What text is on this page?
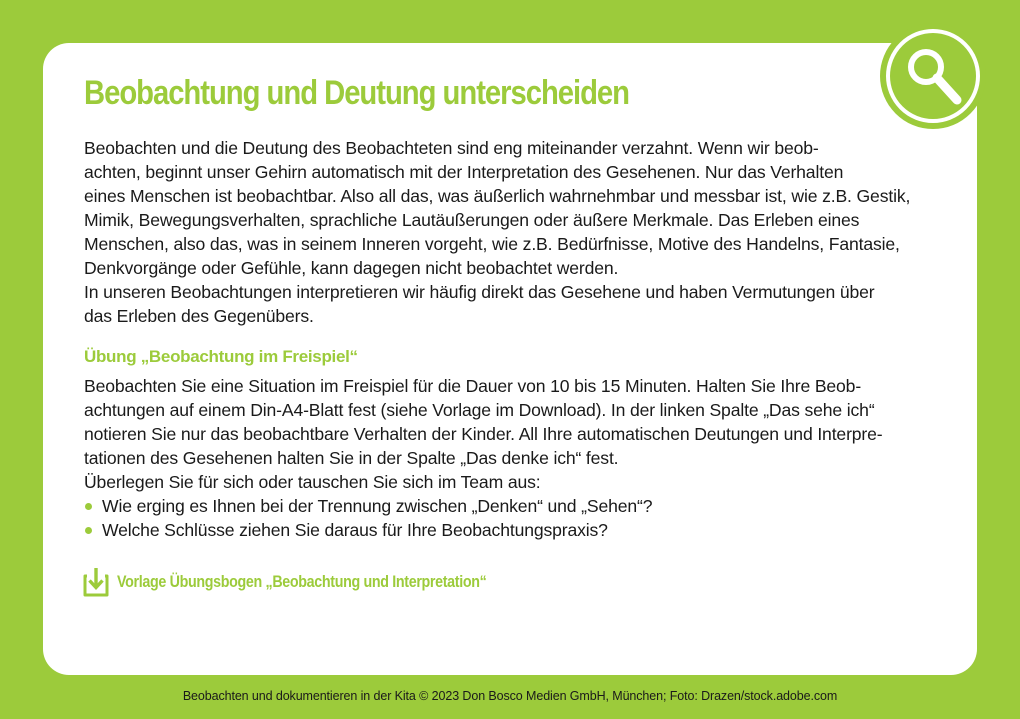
Beobachtung und Deutung unterscheiden

Beobachten und die Deutung des Beobachteten sind eng miteinander verzahnt. Wenn wir beob-
achten, beginnt unser Gehirn automatisch mit der Interpretation des Gesehenen. Nur das Verhalten
eines Menschen ist beobachtbar. Also all das, was äußerlich wahrnehmbar und messbar ist, wie z.B. Gestik,
Mimik, Bewegungsverhalten, sprachliche Lautäußerungen oder äußere Merkmale. Das Erleben eines
Menschen, also das, was in seinem Inneren vorgeht, wie z.B. Bedürfnisse, Motive des Handelns, Fantasie,
Denkvorgänge oder Gefühle, kann dagegen nicht beobachtet werden.
In unseren Beobachtungen interpretieren wir häufig direkt das Gesehene und haben Vermutungen über
das Erleben des Gegenübers.

Übung „Beobachtung im Freispiel“

Beobachten Sie eine Situation im Freispiel für die Dauer von 10 bis 15 Minuten. Halten Sie Ihre Beob-
achtungen auf einem Din-A4-Blatt fest (siehe Vorlage im Download). In der linken Spalte „Das sehe ich“
notieren Sie nur das beobachtbare Verhalten der Kinder. All Ihre automatischen Deutungen und Interpre-
tationen des Gesehenen halten Sie in der Spalte „Das denke ich“ fest.
Überlegen Sie für sich oder tauschen Sie sich im Team aus:

Wie erging es Ihnen bei der Trennung zwischen „Denken“ und „Sehen“?
Welche Schlüsse ziehen Sie daraus für Ihre Beobachtungspraxis?
Vorlage Übungsbogen „Beobachtung und Interpretation“
Beobachten und dokumentieren in der Kita © 2023 Don Bosco Medien GmbH, München; Foto: Drazen/stock.adobe.com
